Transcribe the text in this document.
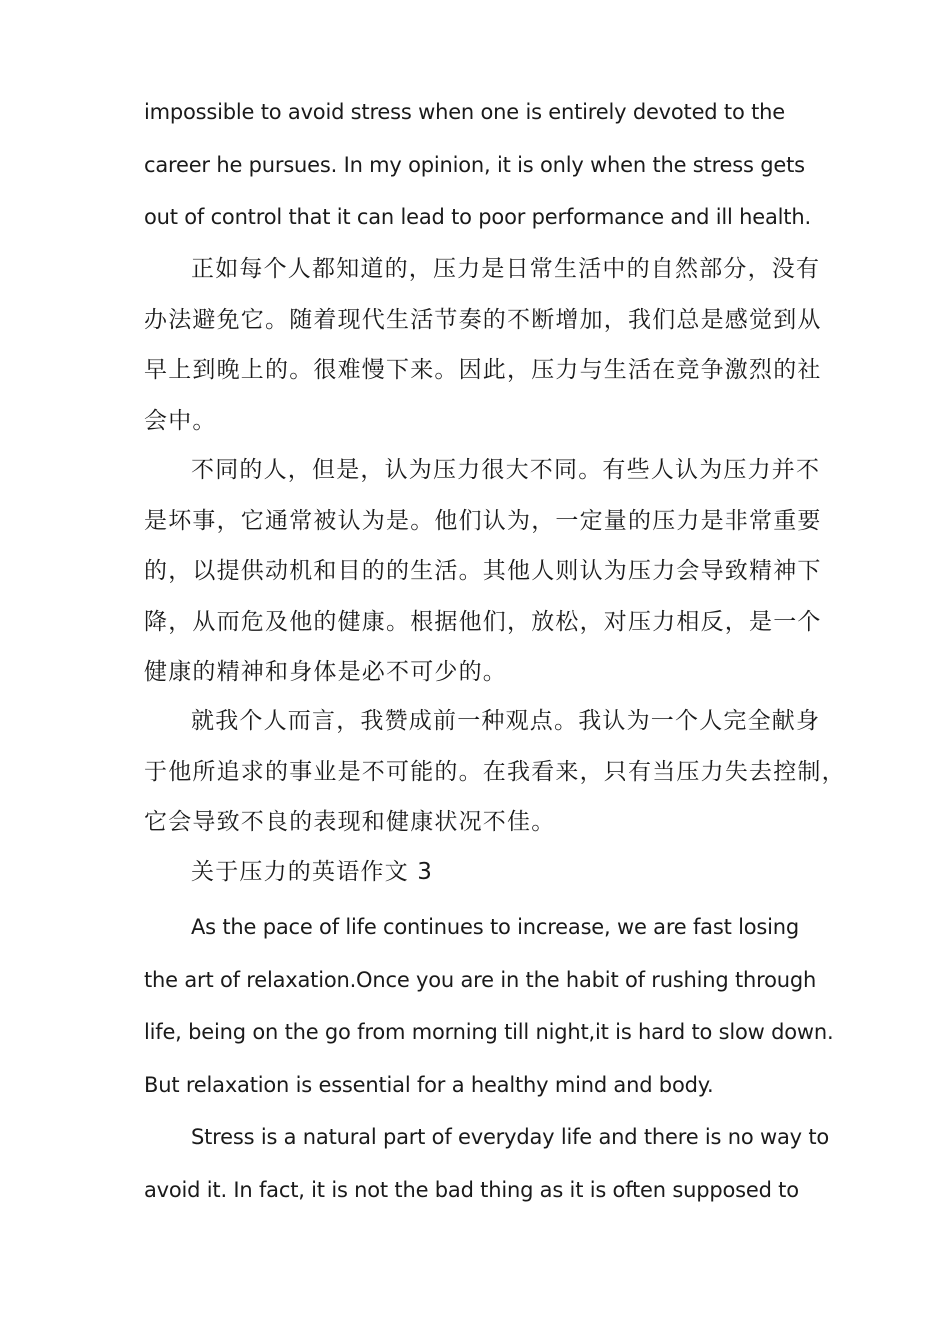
impossible to avoid stress when one is entirely devoted to the
career he pursues. In my opinion, it is only when the stress gets
out of control that it can lead to poor performance and ill health.
正如每个人都知道的，压力是日常生活中的自然部分，没有
办法避免它。随着现代生活节奏的不断增加，我们总是感觉到从
早上到晚上的。很难慢下来。因此，压力与生活在竞争激烈的社
会中。
不同的人，但是，认为压力很大不同。有些人认为压力并不
是坏事，它通常被认为是。他们认为，一定量的压力是非常重要
的，以提供动机和目的的生活。其他人则认为压力会导致精神下
降，从而危及他的健康。根据他们，放松，对压力相反，是一个
健康的精神和身体是必不可少的。
就我个人而言，我赞成前一种观点。我认为一个人完全献身
于他所追求的事业是不可能的。在我看来，只有当压力失去控制，
它会导致不良的表现和健康状况不佳。
关于压力的英语作文 3
As the pace of life continues to increase, we are fast losing
the art of relaxation.Once you are in the habit of rushing through
life, being on the go from morning till night,it is hard to slow down.
But relaxation is essential for a healthy mind and body.
Stress is a natural part of everyday life and there is no way to
avoid it. In fact, it is not the bad thing as it is often supposed to
